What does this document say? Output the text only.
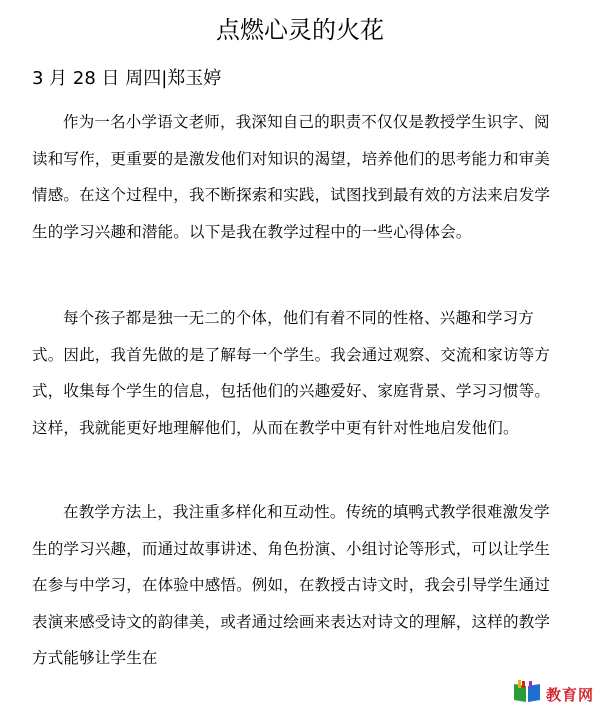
点燃心灵的火花
3 月 28 日 周四|郑玉婷

作为一名小学语文老师，我深知自己的职责不仅仅是教授学生识字、阅读和写作，更重要的是激发他们对知识的渴望，培养他们的思考能力和审美情感。在这个过程中，我不断探索和实践，试图找到最有效的方法来启发学生的学习兴趣和潜能。以下是我在教学过程中的一些心得体会。

每个孩子都是独一无二的个体，他们有着不同的性格、兴趣和学习方式。因此，我首先做的是了解每一个学生。我会通过观察、交流和家访等方式，收集每个学生的信息，包括他们的兴趣爱好、家庭背景、学习习惯等。这样，我就能更好地理解他们，从而在教学中更有针对性地启发他们。

在教学方法上，我注重多样化和互动性。传统的填鸭式教学很难激发学生的学习兴趣，而通过故事讲述、角色扮演、小组讨论等形式，可以让学生在参与中学习，在体验中感悟。例如，在教授古诗文时，我会引导学生通过表演来感受诗文的韵律美，或者通过绘画来表达对诗文的理解，这样的教学方式能够让学生在

教育网
